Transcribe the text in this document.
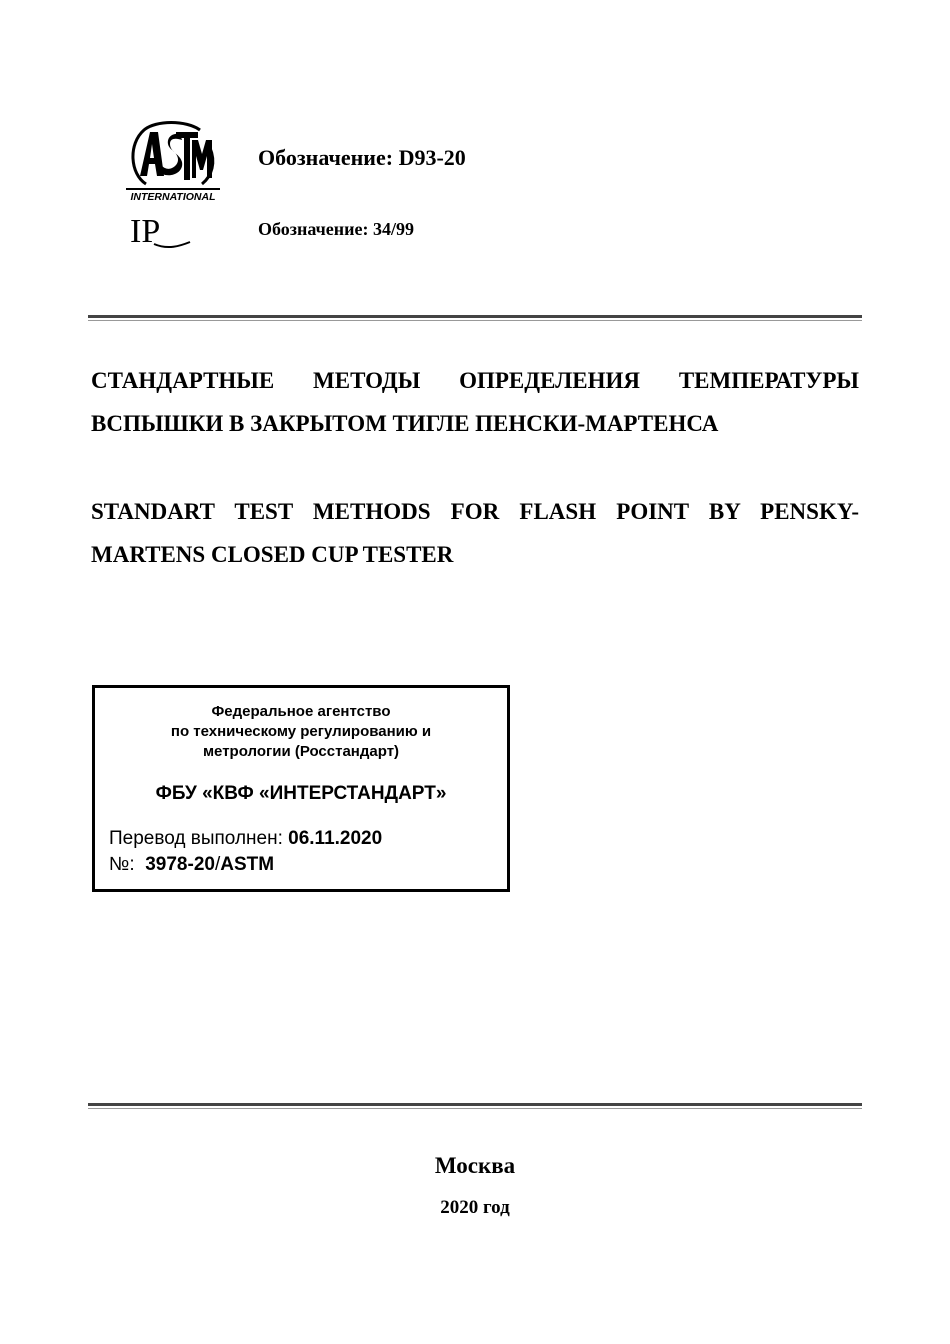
INTERNATIONAL
IP
Обозначение: D93-20
Обозначение: 34/99
СТАНДАРТНЫЕ МЕТОДЫ ОПРЕДЕЛЕНИЯ ТЕМПЕРАТУРЫ
ВСПЫШКИ В ЗАКРЫТОМ ТИГЛЕ ПЕНСКИ-МАРТЕНСА
STANDART TEST METHODS FOR FLASH POINT BY PENSKY-
MARTENS CLOSED CUP TESTER
Федеральное агентство
по техническому регулированию и
метрологии (Росстандарт)
ФБУ «КВФ «ИНТЕРСТАНДАРТ»
Перевод выполнен: 06.11.2020
№: 3978-20/ASTM
Москва
2020 год
